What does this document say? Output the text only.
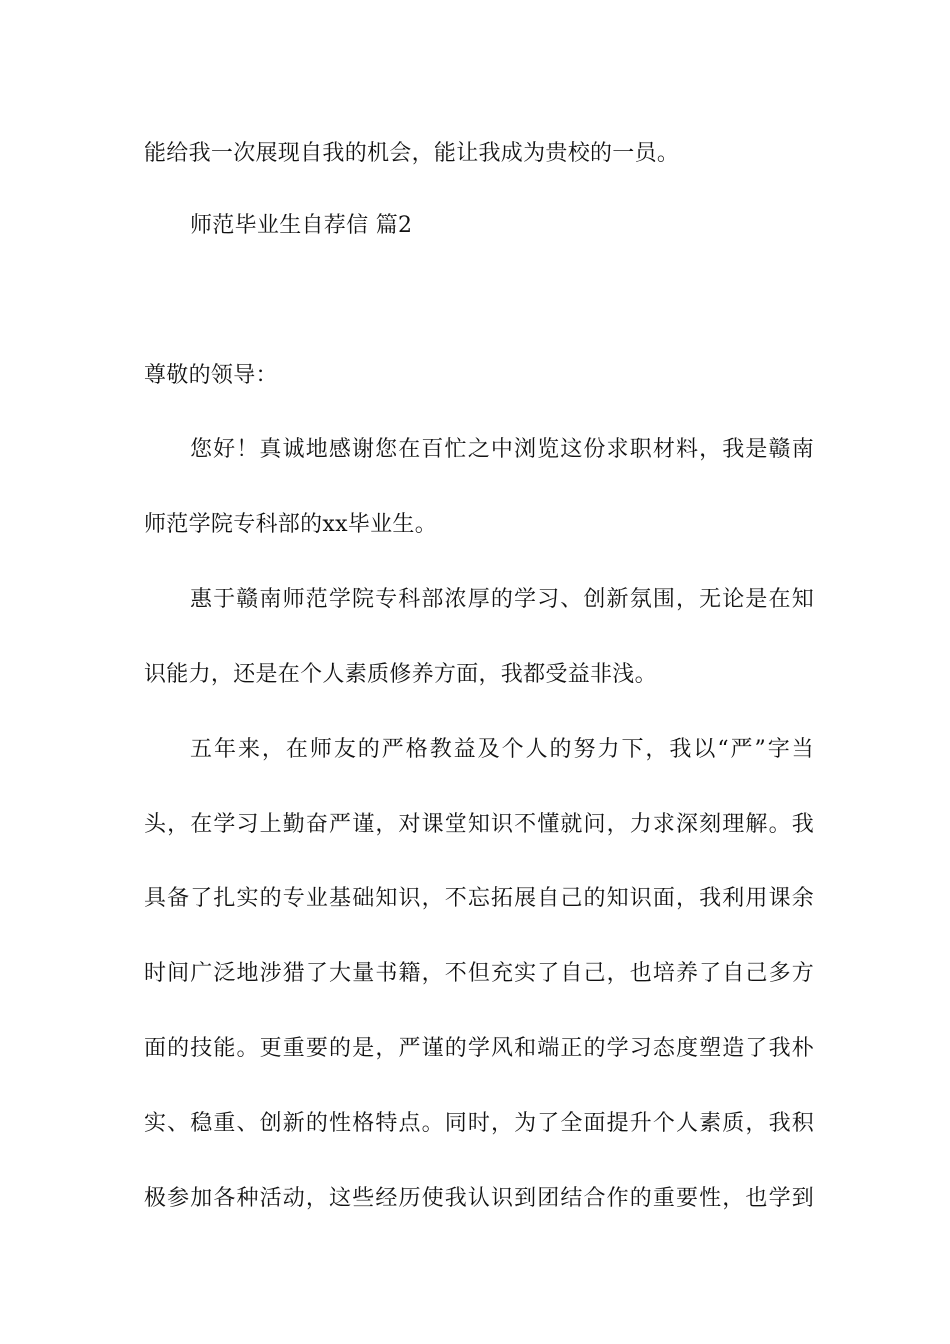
能给我一次展现自我的机会，能让我成为贵校的一员。
师范毕业生自荐信 篇2
尊敬的领导：
您好！真诚地感谢您在百忙之中浏览这份求职材料，我是赣南
师范学院专科部的xx毕业生。
惠于赣南师范学院专科部浓厚的学习、创新氛围，无论是在知
识能力，还是在个人素质修养方面，我都受益非浅。
五年来，在师友的严格教益及个人的努力下，我以“严”字当
头，在学习上勤奋严谨，对课堂知识不懂就问，力求深刻理解。我
具备了扎实的专业基础知识，不忘拓展自己的知识面，我利用课余
时间广泛地涉猎了大量书籍，不但充实了自己，也培养了自己多方
面的技能。更重要的是，严谨的学风和端正的学习态度塑造了我朴
实、稳重、创新的性格特点。同时，为了全面提升个人素质，我积
极参加各种活动，这些经历使我认识到团结合作的重要性，也学到
